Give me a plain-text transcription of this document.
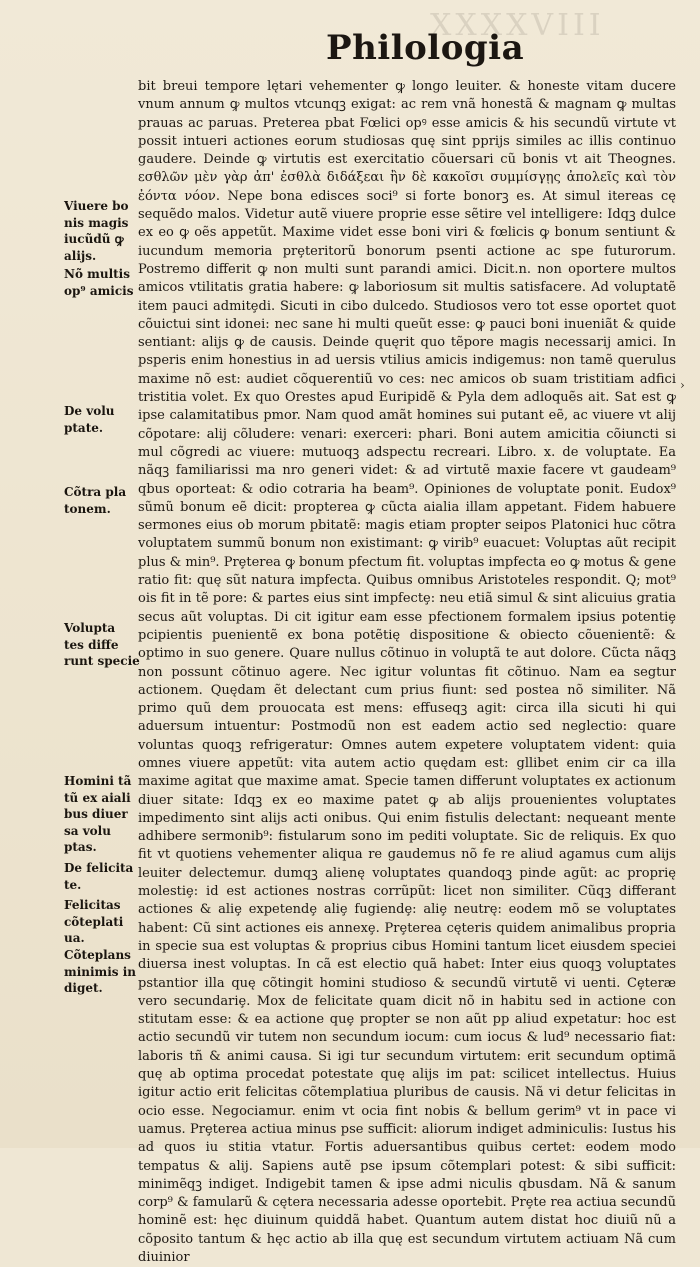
XXXXVIII
Philologia

bit breui tempore lętari vehementer ꝙ longo leuiter. & honeste vitam ducere vnum annum ꝙ multos vtcunqꝫ exigat: ac rem vnã honestã & magnam ꝙ multas prauas ac paruas. Preterea pbat Fœlici opꝰ esse amicis & his secundũ virtute vt possit intueri actiones eorum studiosas quę sint pprijs similes ac illis continuo gaudere. Deinde ꝙ virtutis est exercitatio cõuersari cũ bonis vt ait Theognes. εσθλῶν μὲν γὰρ ἀπ' ἐσθλὰ διδάξεαι ἢν δὲ κακοῖσι συμμίσγῃς ἀπολεῖς καὶ τὸν ἐόντα νόον. Nepe bona edisces soci⁹ si forte bonorꝫ es. At simul itereas cę sequẽdo malos. Videtur autẽ viuere proprie esse sẽtire vel intelligere: Idqꝫ dulce ex eo ꝙ oẽs appetũt. Maxime videt esse boni viri & fœlicis ꝙ bonum sentiunt & iucundum memoria prȩteritorũ bonorum psenti actione ac spe futurorum. Postremo differit ꝙ non multi sunt parandi amici. Dicit.n. non oportere multos amicos vtilitatis gratia habere: ꝙ laboriosum sit multis satisfacere. Ad voluptatẽ item pauci admitȩdi. Sicuti in cibo dulcedo. Studiosos vero tot esse oportet quot cõuictui sint idonei: nec sane hi multi queũt esse: ꝙ pauci boni inueniãt & quide sentiant: alijs ꝙ de causis. Deinde quęrit quo tẽpore magis necessarij amici. In psperis enim honestius in ad uersis vtilius amicis indigemus: non tamẽ querulus maxime nõ est: audiet cõquerentiũ vo ces: nec amicos ob suam tristitiam adfici tristitia volet. Ex quo Orestes apud Euripidẽ & Pyla dem adloquẽs ait. Sat est ꝙ ipse calamitatibus pmor. Nam quod amãt homines sui putant eẽ, ac viuere vt alij cõpotare: alij cõludere: venari: exerceri: phari. Boni autem amicitia cõiuncti si mul cõgredi ac viuere: mutuoqꝫ adspectu recreari. Libro. x. de voluptate. Ea nãqꝫ familiarissi ma nro generi videt: & ad virtutẽ maxie facere vt gaudeam⁹ qbus oporteat: & odio cotraria ha beam⁹. Opiniones de voluptate ponit. Eudox⁹ sũmũ bonum eẽ dicit: propterea ꝙ cũcta aialia illam appetant. Fidem habuere sermones eius ob morum pbitatẽ: magis etiam propter seipos Platonici huc cõtra voluptatem summũ bonum non existimant: ꝙ virib⁹ euacuet: Voluptas aũt recipit plus & min⁹. Prȩterea ꝙ bonum pfectum fit. voluptas impfecta eo ꝙ motus & gene ratio fit: quę sũt natura impfecta. Quibus omnibus Aristoteles respondit. Q; mot⁹ ois fit in tẽ pore: & partes eius sint impfectȩ: neu etiã simul & sint alicuius gratia secus aũt voluptas. Di cit igitur eam esse pfectionem formalem ipsius potentiȩ pcipientis puenientẽ ex bona potẽtię dispositione & obiecto cõuenientẽ: & optimo in suo genere. Quare nullus cõtinuo in voluptã te aut dolore. Cũcta nãqꝫ non possunt cõtinuo agere. Nec igitur voluntas fit cõtinuo. Nam ea segtur actionem. Quędam ẽt delectant cum prius fiunt: sed postea nõ similiter. Nã primo quũ dem prouocata est mens: effuseqꝫ agit: circa illa sicuti hi qui aduersum intuentur: Postmodũ non est eadem actio sed neglectio: quare voluntas quoqꝫ refrigeratur: Omnes autem expetere voluptatem vident: quia omnes viuere appetũt: vita autem actio quędam est: gllibet enim cir ca illa maxime agitat que maxime amat. Specie tamen differunt voluptates ex actionum diuer sitate: Idqꝫ ex eo maxime patet ꝙ ab alijs prouenientes voluptates impedimento sint alijs acti onibus. Qui enim fistulis delectant: nequeant mente adhibere sermonib⁹: fistularum sono im pediti voluptate. Sic de reliquis. Ex quo fit vt quotiens vehementer aliqua re gaudemus nõ fe re aliud agamus cum alijs leuiter delectemur. dumqꝫ alienę voluptates quandoqꝫ pinde agũt: ac proprię molestiȩ: id est actiones nostras corrũpũt: licet non similiter. Cũqꝫ differant actiones & aliȩ expetendȩ aliȩ fugiendȩ: aliȩ neutrę: eodem mõ se voluptates habent: Cũ sint actiones eis annexȩ. Prȩterea cęteris quidem animalibus propria in specie sua est voluptas & proprius cibus Homini tantum licet eiusdem speciei diuersa inest voluptas. In cã est electio quã habet: Inter eius quoqꝫ voluptates pstantior illa quę cõtingit homini studioso & secundũ virtutẽ vi uenti. Cȩteræ vero secundariȩ. Mox de felicitate quam dicit nõ in habitu sed in actione con stitutam esse: & ea actione quȩ propter se non aũt pp aliud expetatur: hoc est actio secundũ vir tutem non secundum iocum: cum iocus & lud⁹ necessario fiat: laboris tñ & animi causa. Si igi tur secundum virtutem: erit secundum optimã quę ab optima procedat potestate quę alijs im pat: scilicet intellectus. Huius igitur actio erit felicitas cõtemplatiua pluribus de causis. Nã vi detur felicitas in ocio esse. Negociamur. enim vt ocia fint nobis & bellum gerim⁹ vt in pace vi uamus. Prȩterea actiua minus pse sufficit: aliorum indiget adminiculis: Iustus his ad quos iu stitia vtatur. Fortis aduersantibus quibus certet: eodem modo tempatus & alij. Sapiens autẽ pse ipsum cõtemplari potest: & sibi sufficit: minimẽqꝫ indiget. Indigebit tamen & ipse admi niculis qbusdam. Nã & sanum corp⁹ & famularũ & cętera necessaria adesse oportebit. Prȩte rea actiua secundũ hominẽ est: hęc diuinum quiddã habet. Quantum autem distat hoc diuiũ nũ a cõposito tantum & hęc actio ab illa quę est secundum virtutem actiuam Nã cum diuinior

Viuere bo
nis magis
iucũdũ ꝙ
alijs.
Nõ multis
op⁹ amicis
De volu
ptate.
Cõtra pla
tonem.
Volupta
tes diffe
runt specie
Homini tã
tũ ex aiali
bus diuer
sa volu
ptas.
De felicita
te.
Felicitas
cõteplati
ua.
Cõteplans
minimis in
diget.
›
